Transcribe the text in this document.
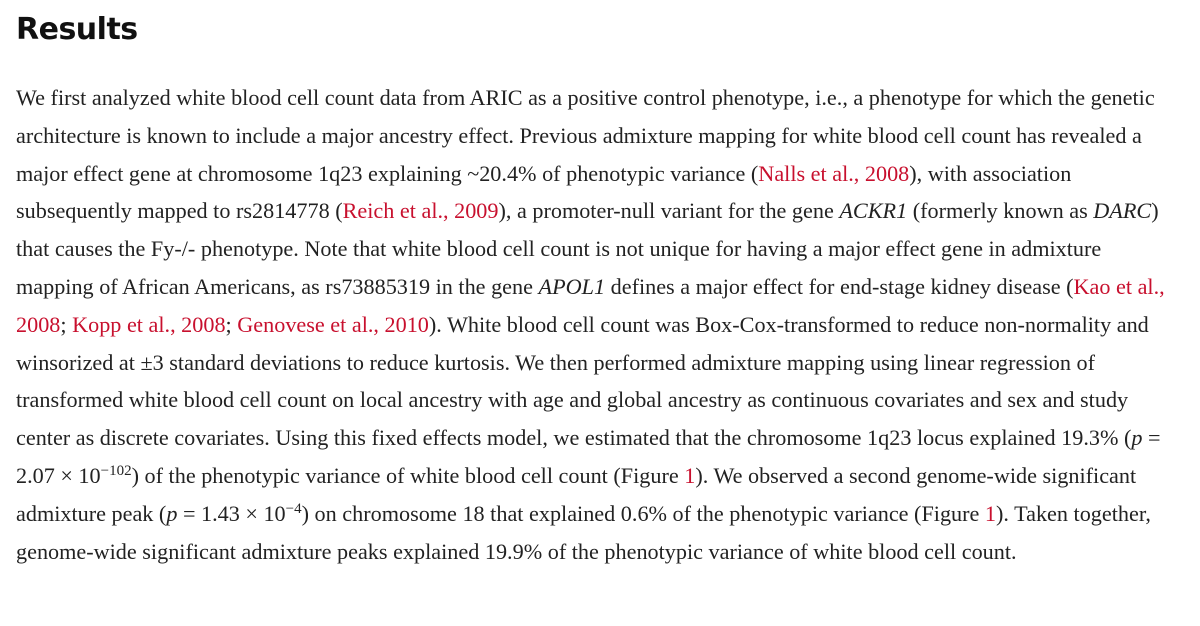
Results

We first analyzed white blood cell count data from ARIC as a positive control phenotype, i.e., a phenotype for which the genetic architecture is known to include a major ancestry effect. Previous admixture mapping for white blood cell count has revealed a major effect gene at chromosome 1q23 explaining ~20.4% of phenotypic variance (Nalls et al., 2008), with association subsequently mapped to rs2814778 (Reich et al., 2009), a promoter-null variant for the gene ACKR1 (formerly known as DARC) that causes the Fy-/- phenotype. Note that white blood cell count is not unique for having a major effect gene in admixture mapping of African Americans, as rs73885319 in the gene APOL1 defines a major effect for end-stage kidney disease (Kao et al., 2008; Kopp et al., 2008; Genovese et al., 2010). White blood cell count was Box-Cox-transformed to reduce non-normality and winsorized at ±3 standard deviations to reduce kurtosis. We then performed admixture mapping using linear regression of transformed white blood cell count on local ancestry with age and global ancestry as continuous covariates and sex and study center as discrete covariates. Using this fixed effects model, we estimated that the chromosome 1q23 locus explained 19.3% $(p = 2.07 \times 10^{-102})$ of the phenotypic variance of white blood cell count (Figure 1). We observed a second genome-wide significant admixture peak $(p = 1.43 \times 10^{-4})$ on chromosome 18 that explained 0.6% of the phenotypic variance (Figure 1). Taken together, genome-wide significant admixture peaks explained 19.9% of the phenotypic variance of white blood cell count.
